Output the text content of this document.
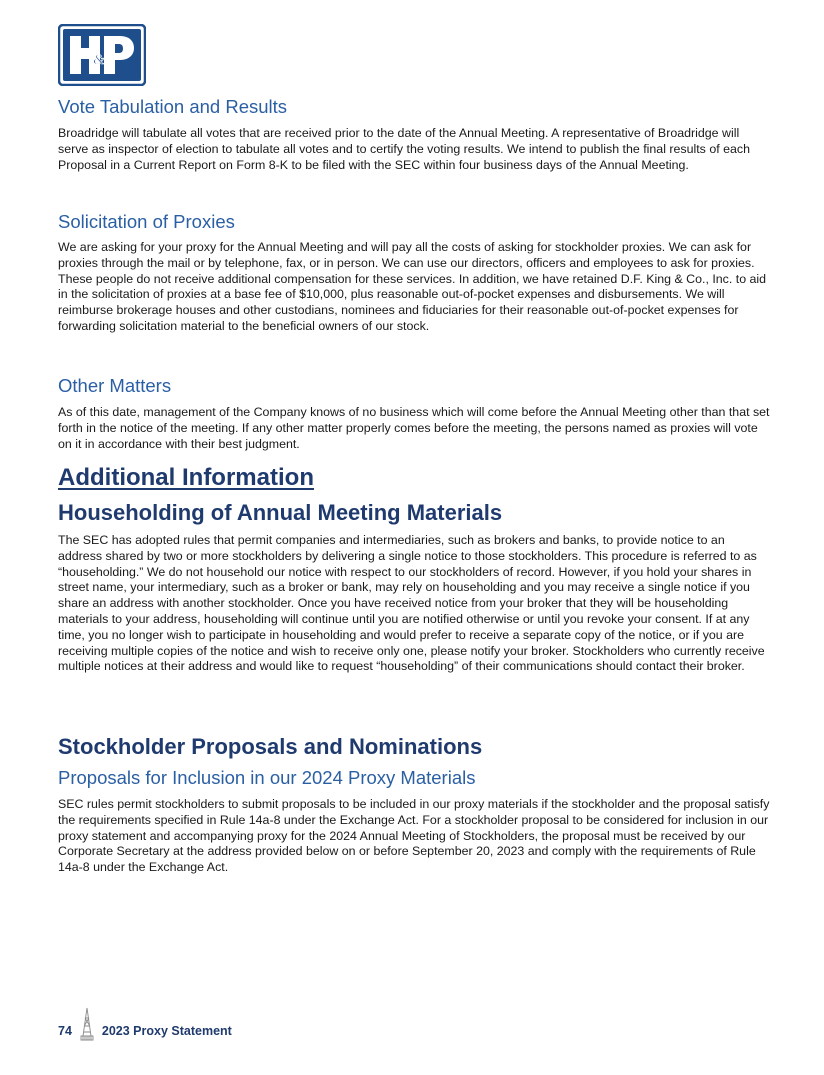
&
Vote Tabulation and Results

Broadridge will tabulate all votes that are received prior to the date of the Annual Meeting. A representative of Broadridge will serve as inspector of election to tabulate all votes and to certify the voting results. We intend to publish the final results of each Proposal in a Current Report on Form 8-K to be filed with the SEC within four business days of the Annual Meeting.

Solicitation of Proxies

We are asking for your proxy for the Annual Meeting and will pay all the costs of asking for stockholder proxies. We can ask for proxies through the mail or by telephone, fax, or in person. We can use our directors, officers and employees to ask for proxies. These people do not receive additional compensation for these services. In addition, we have retained D.F. King & Co., Inc. to aid in the solicitation of proxies at a base fee of $10,000, plus reasonable out-of-pocket expenses and disbursements. We will reimburse brokerage houses and other custodians, nominees and fiduciaries for their reasonable out-of-pocket expenses for forwarding solicitation material to the beneficial owners of our stock.

Other Matters

As of this date, management of the Company knows of no business which will come before the Annual Meeting other than that set forth in the notice of the meeting. If any other matter properly comes before the meeting, the persons named as proxies will vote on it in accordance with their best judgment.

Additional Information
Householding of Annual Meeting Materials

The SEC has adopted rules that permit companies and intermediaries, such as brokers and banks, to provide notice to an address shared by two or more stockholders by delivering a single notice to those stockholders. This procedure is referred to as “householding.” We do not household our notice with respect to our stockholders of record. However, if you hold your shares in street name, your intermediary, such as a broker or bank, may rely on householding and you may receive a single notice if you share an address with another stockholder. Once you have received notice from your broker that they will be householding materials to your address, householding will continue until you are notified otherwise or until you revoke your consent. If at any time, you no longer wish to participate in householding and would prefer to receive a separate copy of the notice, or if you are receiving multiple copies of the notice and wish to receive only one, please notify your broker. Stockholders who currently receive multiple notices at their address and would like to request “householding” of their communications should contact their broker.

Stockholder Proposals and Nominations
Proposals for Inclusion in our 2024 Proxy Materials

SEC rules permit stockholders to submit proposals to be included in our proxy materials if the stockholder and the proposal satisfy the requirements specified in Rule 14a-8 under the Exchange Act. For a stockholder proposal to be considered for inclusion in our proxy statement and accompanying proxy for the 2024 Annual Meeting of Stockholders, the proposal must be received by our Corporate Secretary at the address provided below on or before September 20, 2023 and comply with the requirements of Rule 14a-8 under the Exchange Act.

74 2023 Proxy Statement
